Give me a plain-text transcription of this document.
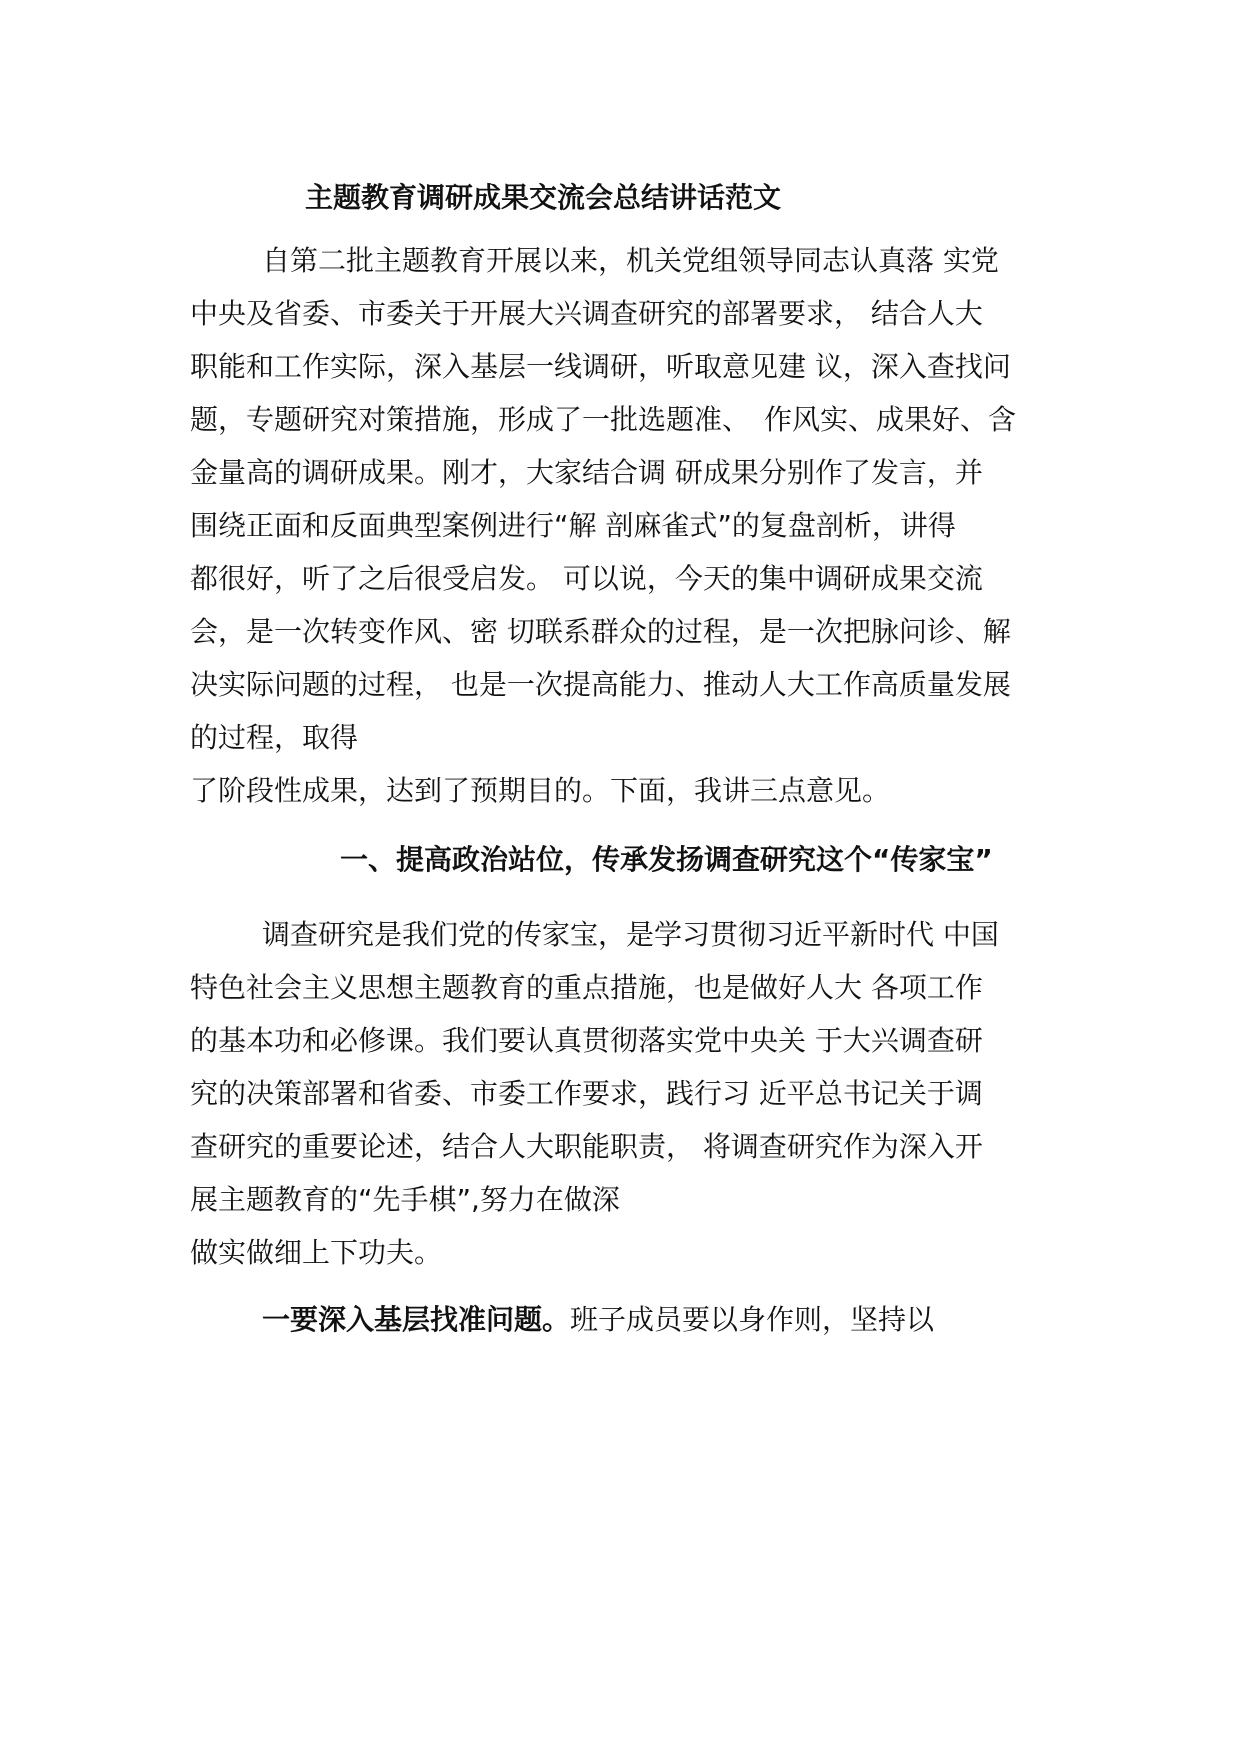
主题教育调研成果交流会总结讲话范文
自第二批主题教育开展以来，机关党组领导同志认真落 实党
中央及省委、市委关于开展大兴调查研究的部署要求， 结合人大
职能和工作实际，深入基层一线调研，听取意见建 议，深入查找问
题，专题研究对策措施，形成了一批选题准、　作风实、成果好、含
金量高的调研成果。刚才，大家结合调 研成果分别作了发言，并
围绕正面和反面典型案例进行“解 剖麻雀式”的复盘剖析，讲得
都很好，听了之后很受启发。 可以说，今天的集中调研成果交流
会，是一次转变作风、密 切联系群众的过程，是一次把脉问诊、解
决实际问题的过程， 也是一次提高能力、推动人大工作高质量发展
的过程，取得
了阶段性成果，达到了预期目的。下面，我讲三点意见。
一、提高政治站位，传承发扬调查研究这个“传家宝”
调查研究是我们党的传家宝，是学习贯彻习近平新时代 中国
特色社会主义思想主题教育的重点措施，也是做好人大 各项工作
的基本功和必修课。我们要认真贯彻落实党中央关 于大兴调查研
究的决策部署和省委、市委工作要求，践行习 近平总书记关于调
查研究的重要论述，结合人大职能职责， 将调查研究作为深入开
展主题教育的“先手棋”,努力在做深
做实做细上下功夫。
一要深入基层找准问题。班子成员要以身作则，坚持以
